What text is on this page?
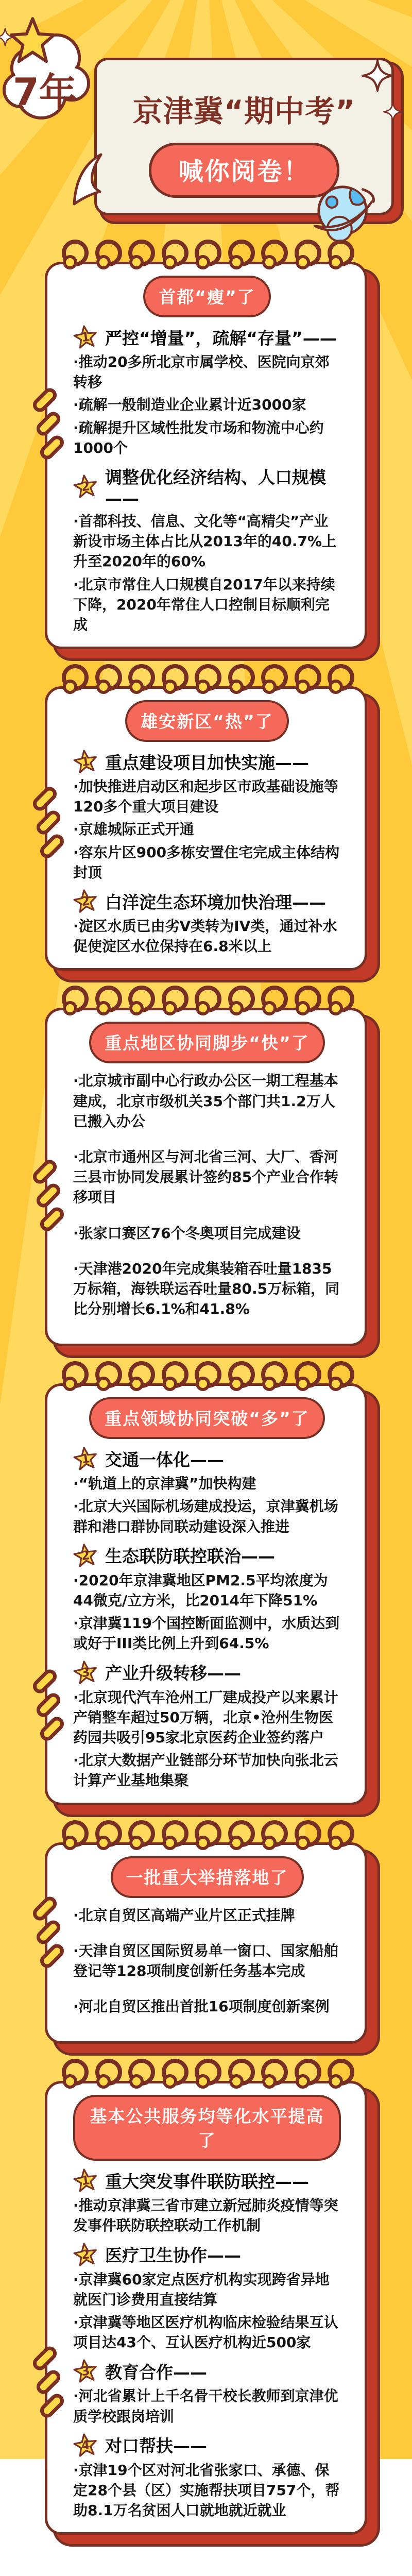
京津冀“期中考”
喊你阅卷！
7年
首都“瘦”了
1 严控“增量”，疏解“存量”——

·推动20多所北京市属学校、医院向京郊转移

·疏解一般制造业企业累计近3000家

·疏解提升区域性批发市场和物流中心约1000个

2 调整优化经济结构、人口规模——

·首都科技、信息、文化等“高精尖”产业新设市场主体占比从2013年的40.7%上升至2020年的60%

·北京市常住人口规模自2017年以来持续下降，2020年常住人口控制目标顺利完成

雄安新区“热”了
1 重点建设项目加快实施——

·加快推进启动区和起步区市政基础设施等120多个重大项目建设

·京雄城际正式开通

·容东片区900多栋安置住宅完成主体结构封顶

2 白洋淀生态环境加快治理——

·淀区水质已由劣V类转为IV类，通过补水促使淀区水位保持在6.8米以上

重点地区协同脚步“快”了

·北京城市副中心行政办公区一期工程基本建成，北京市级机关35个部门共1.2万人已搬入办公

·北京市通州区与河北省三河、大厂、香河三县市协同发展累计签约85个产业合作转移项目

·张家口赛区76个冬奥项目完成建设

·天津港2020年完成集装箱吞吐量1835万标箱，海铁联运吞吐量80.5万标箱，同比分别增长6.1%和41.8%

重点领域协同突破“多”了
1 交通一体化——

·“轨道上的京津冀”加快构建

·北京大兴国际机场建成投运，京津冀机场群和港口群协同联动建设深入推进

2 生态联防联控联治——

·2020年京津冀地区PM2.5平均浓度为44微克/立方米，比2014年下降51%

·京津冀119个国控断面监测中，水质达到或好于III类比例上升到64.5%

3 产业升级转移——

·北京现代汽车沧州工厂建成投产以来累计产销整车超过50万辆，北京•沧州生物医药园共吸引95家北京医药企业签约落户

·北京大数据产业链部分环节加快向张北云计算产业基地集聚

一批重大举措落地了

·北京自贸区高端产业片区正式挂牌

·天津自贸区国际贸易单一窗口、国家船舶登记等128项制度创新任务基本完成

·河北自贸区推出首批16项制度创新案例

基本公共服务均等化水平提高了
1 重大突发事件联防联控——

·推动京津冀三省市建立新冠肺炎疫情等突发事件联防联控联动工作机制

2 医疗卫生协作——

·京津冀60家定点医疗机构实现跨省异地就医门诊费用直接结算

·京津冀等地区医疗机构临床检验结果互认项目达43个、互认医疗机构近500家

3 教育合作——

·河北省累计上千名骨干校长教师到京津优质学校跟岗培训

4 对口帮扶——

·京津19个区对河北省张家口、承德、保定28个县（区）实施帮扶项目757个，帮助8.1万名贫困人口就地就近就业
